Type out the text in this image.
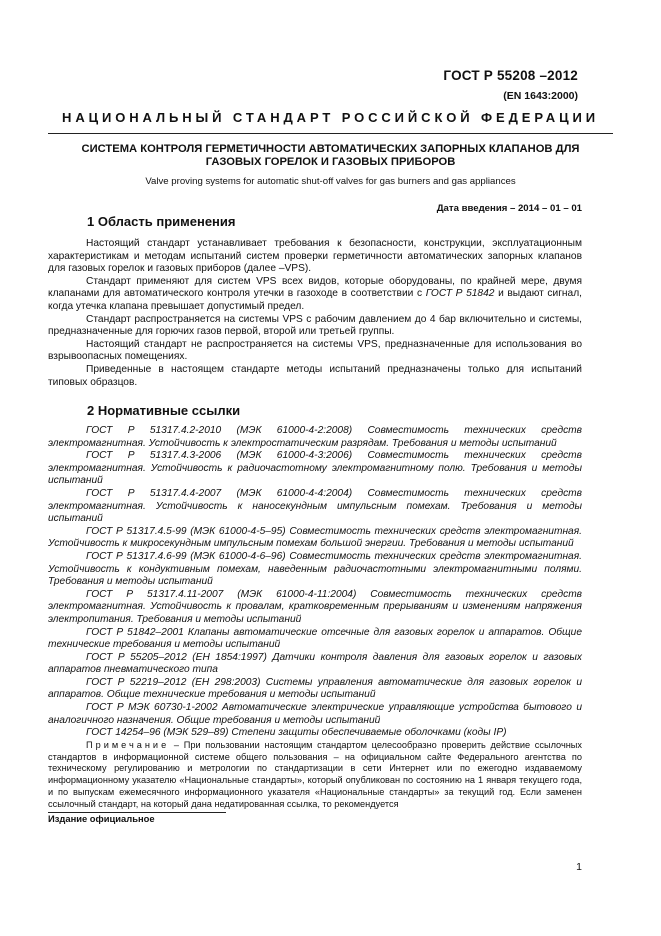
ГОСТ Р 55208 –2012
(EN 1643:2000)
НАЦИОНАЛЬНЫЙ СТАНДАРТ РОССИЙСКОЙ ФЕДЕРАЦИИ
СИСТЕМА КОНТРОЛЯ ГЕРМЕТИЧНОСТИ АВТОМАТИЧЕСКИХ ЗАПОРНЫХ КЛАПАНОВ ДЛЯ
ГАЗОВЫХ ГОРЕЛОК И ГАЗОВЫХ ПРИБОРОВ
Valve proving systems for automatic shut-off valves for gas burners and gas appliances
Дата введения – 2014 – 01 – 01
1 Область применения

Настоящий стандарт устанавливает требования к безопасности, конструкции, эксплуатационным характеристикам и методам испытаний систем проверки герметичности автоматических запорных клапанов для газовых горелок и газовых приборов (далее –VPS).

Стандарт применяют для систем VPS всех видов, которые оборудованы, по крайней мере, двумя клапанами для автоматического контроля утечки в газоходе в соответствии с ГОСТ Р 51842 и выдают сигнал, когда утечка клапана превышает допустимый предел.

Стандарт распространяется на системы VPS с рабочим давлением до 4 бар включительно и системы, предназначенные для горючих газов первой, второй или третьей группы.

Настоящий стандарт не распространяется на системы VPS, предназначенные для использования во взрывоопасных помещениях.

Приведенные в настоящем стандарте методы испытаний предназначены только для испытаний типовых образцов.

2 Нормативные ссылки

ГОСТ Р 51317.4.2-2010 (МЭК 61000-4-2:2008) Совместимость технических средств электромагнитная. Устойчивость к электростатическим разрядам. Требования и методы испытаний

ГОСТ Р 51317.4.3-2006 (МЭК 61000-4-3:2006) Совместимость технических средств электромагнитная. Устойчивость к радиочастотному электромагнитному полю. Требования и методы испытаний

ГОСТ Р 51317.4.4-2007 (МЭК 61000-4-4:2004) Совместимость технических средств электромагнитная. Устойчивость к наносекундным импульсным помехам. Требования и методы испытаний

ГОСТ Р 51317.4.5-99 (МЭК 61000-4-5–95) Совместимость технических средств электромагнитная. Устойчивость к микросекундным импульсным помехам большой энергии. Требования и методы испытаний

ГОСТ Р 51317.4.6-99 (МЭК 61000-4-6–96) Совместимость технических средств электромагнитная. Устойчивость к кондуктивным помехам, наведенным радиочастотными электромагнитными полями. Требования и методы испытаний

ГОСТ Р 51317.4.11-2007 (МЭК 61000-4-11:2004) Совместимость технических средств электромагнитная. Устойчивость к провалам, кратковременным прерываниям и изменениям напряжения электропитания. Требования и методы испытаний

ГОСТ Р 51842–2001 Клапаны автоматические отсечные для газовых горелок и аппаратов. Общие технические требования и методы испытаний

ГОСТ Р 55205–2012 (ЕН 1854:1997) Датчики контроля давления для газовых горелок и газовых аппаратов пневматического типа

ГОСТ Р 52219–2012 (ЕН 298:2003) Системы управления автоматические для газовых горелок и аппаратов. Общие технические требования и методы испытаний

ГОСТ Р МЭК 60730-1-2002 Автоматические электрические управляющие устройства бытового и аналогичного назначения. Общие требования и методы испытаний

ГОСТ 14254–96 (МЭК 529–89) Степени защиты обеспечиваемые оболочками (коды IP)

Примечание – При пользовании настоящим стандартом целесообразно проверить действие ссылочных стандартов в информационной системе общего пользования – на официальном сайте Федерального агентства по техническому регулированию и метрологии по стандартизации в сети Интернет или по ежегодно издаваемому информационному указателю «Национальные стандарты», который опубликован по состоянию на 1 января текущего года, и по выпускам ежемесячного информационного указателя «Национальные стандарты» за текущий год. Если заменен ссылочный стандарт, на который дана недатированная ссылка, то рекомендуется

Издание официальное
1
